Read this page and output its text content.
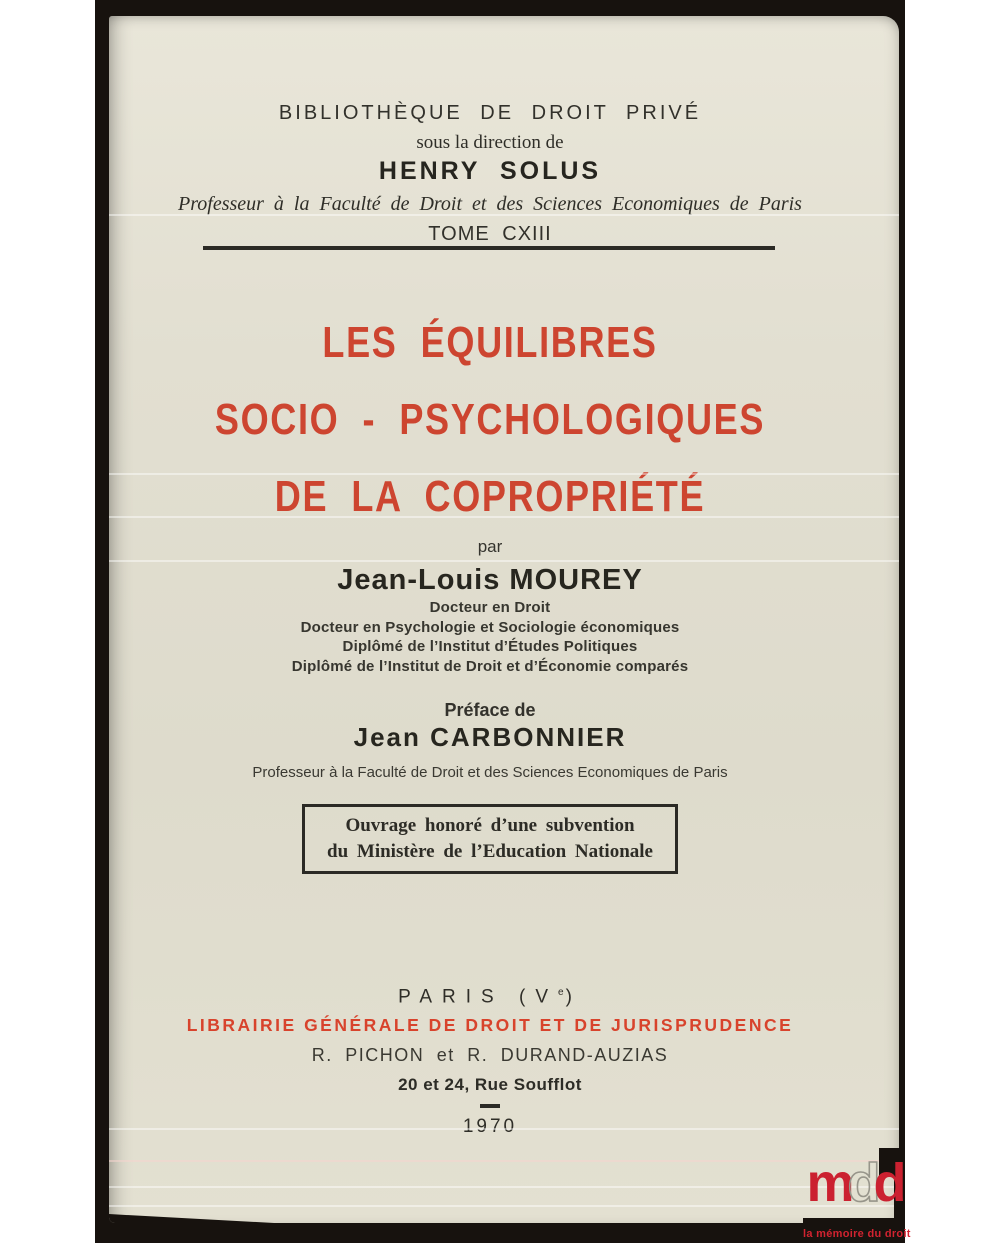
BIBLIOTHÈQUE DE DROIT PRIVÉ
sous la direction de
HENRY SOLUS
Professeur à la Faculté de Droit et des Sciences Economiques de Paris
TOME CXIII
LES ÉQUILIBRES
SOCIO - PSYCHOLOGIQUES
DE LA COPROPRIÉTÉ
par
Jean-Louis MOUREY
Docteur en Droit
Docteur en Psychologie et Sociologie économiques
Diplômé de l’Institut d’Études Politiques
Diplômé de l’Institut de Droit et d’Économie comparés
Préface de
Jean CARBONNIER
Professeur à la Faculté de Droit et des Sciences Economiques de Paris
Ouvrage honoré d’une subvention
du Ministère de l’Education Nationale
PARIS (Ve)
LIBRAIRIE GÉNÉRALE DE DROIT ET DE JURISPRUDENCE
R. PICHON et R. DURAND-AUZIAS
20 et 24, Rue Soufflot
1970
mdd
la mémoire du droit
